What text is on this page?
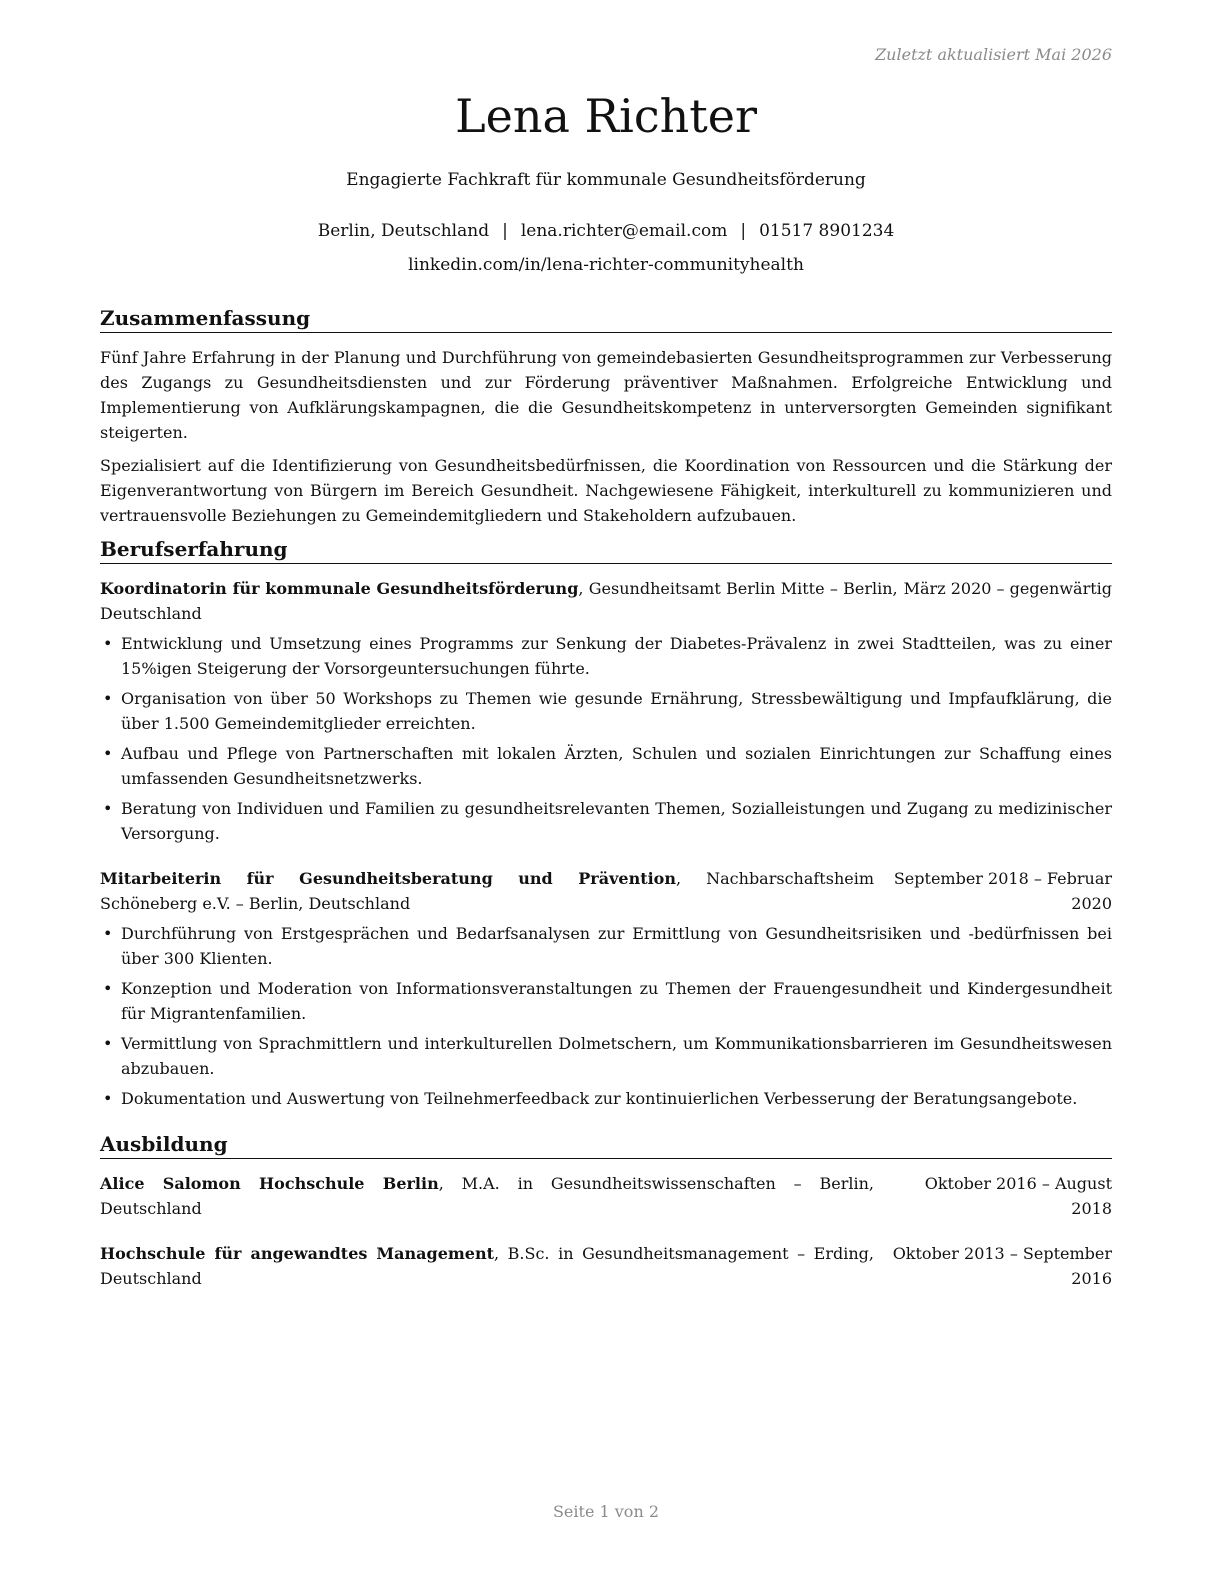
Zuletzt aktualisiert Mai 2026
Lena Richter
Engagierte Fachkraft für kommunale Gesundheitsförderung
Berlin, Deutschland | lena.richter@email.com | 01517 8901234
linkedin.com/in/lena-richter-communityhealth
Zusammenfassung

Fünf Jahre Erfahrung in der Planung und Durchführung von gemeindebasierten Gesundheitsprogrammen zur Verbesserung des Zugangs zu Gesundheitsdiensten und zur Förderung präventiver Maßnahmen. Erfolgreiche Entwicklung und Implementierung von Aufklärungskampagnen, die die Gesundheitskompetenz in unterversorgten Gemeinden signifikant steigerten.

Spezialisiert auf die Identifizierung von Gesundheitsbedürfnissen, die Koordination von Ressourcen und die Stärkung der Eigenverantwortung von Bürgern im Bereich Gesundheit. Nachgewiesene Fähigkeit, interkulturell zu kommunizieren und vertrauensvolle Beziehungen zu Gemeindemitgliedern und Stakeholdern aufzubauen.

Berufserfahrung
Koordinatorin für kommunale Gesundheitsförderung, Gesundheitsamt Berlin Mitte – Berlin, Deutschland
März 2020 – gegenwärtig
• Entwicklung und Umsetzung eines Programms zur Senkung der Diabetes-Prävalenz in zwei Stadtteilen, was zu einer 15%igen Steigerung der Vorsorgeuntersuchungen führte.
• Organisation von über 50 Workshops zu Themen wie gesunde Ernährung, Stressbewältigung und Impfaufklärung, die über 1.500 Gemeindemitglieder erreichten.
• Aufbau und Pflege von Partnerschaften mit lokalen Ärzten, Schulen und sozialen Einrichtungen zur Schaffung eines umfassenden Gesundheitsnetzwerks.
• Beratung von Individuen und Familien zu gesundheitsrelevanten Themen, Sozialleistungen und Zugang zu medizinischer Versorgung.
Mitarbeiterin für Gesundheitsberatung und Prävention, Nachbarschaftsheim Schöneberg e.V. – Berlin, Deutschland
September 2018 – Februar 2020
• Durchführung von Erstgesprächen und Bedarfsanalysen zur Ermittlung von Gesundheitsrisiken und -bedürfnissen bei über 300 Klienten.
• Konzeption und Moderation von Informationsveranstaltungen zu Themen der Frauengesundheit und Kindergesundheit für Migrantenfamilien.
• Vermittlung von Sprachmittlern und interkulturellen Dolmetschern, um Kommunikationsbarrieren im Gesundheitswesen abzubauen.
• Dokumentation und Auswertung von Teilnehmerfeedback zur kontinuierlichen Verbesserung der Beratungsangebote.
Ausbildung
Alice Salomon Hochschule Berlin, M.A. in Gesundheitswissenschaften – Berlin, Deutschland
Oktober 2016 – August 2018
Hochschule für angewandtes Management, B.Sc. in Gesundheitsmanagement – Erding, Deutschland
Oktober 2013 – September 2016
Seite 1 von 2
